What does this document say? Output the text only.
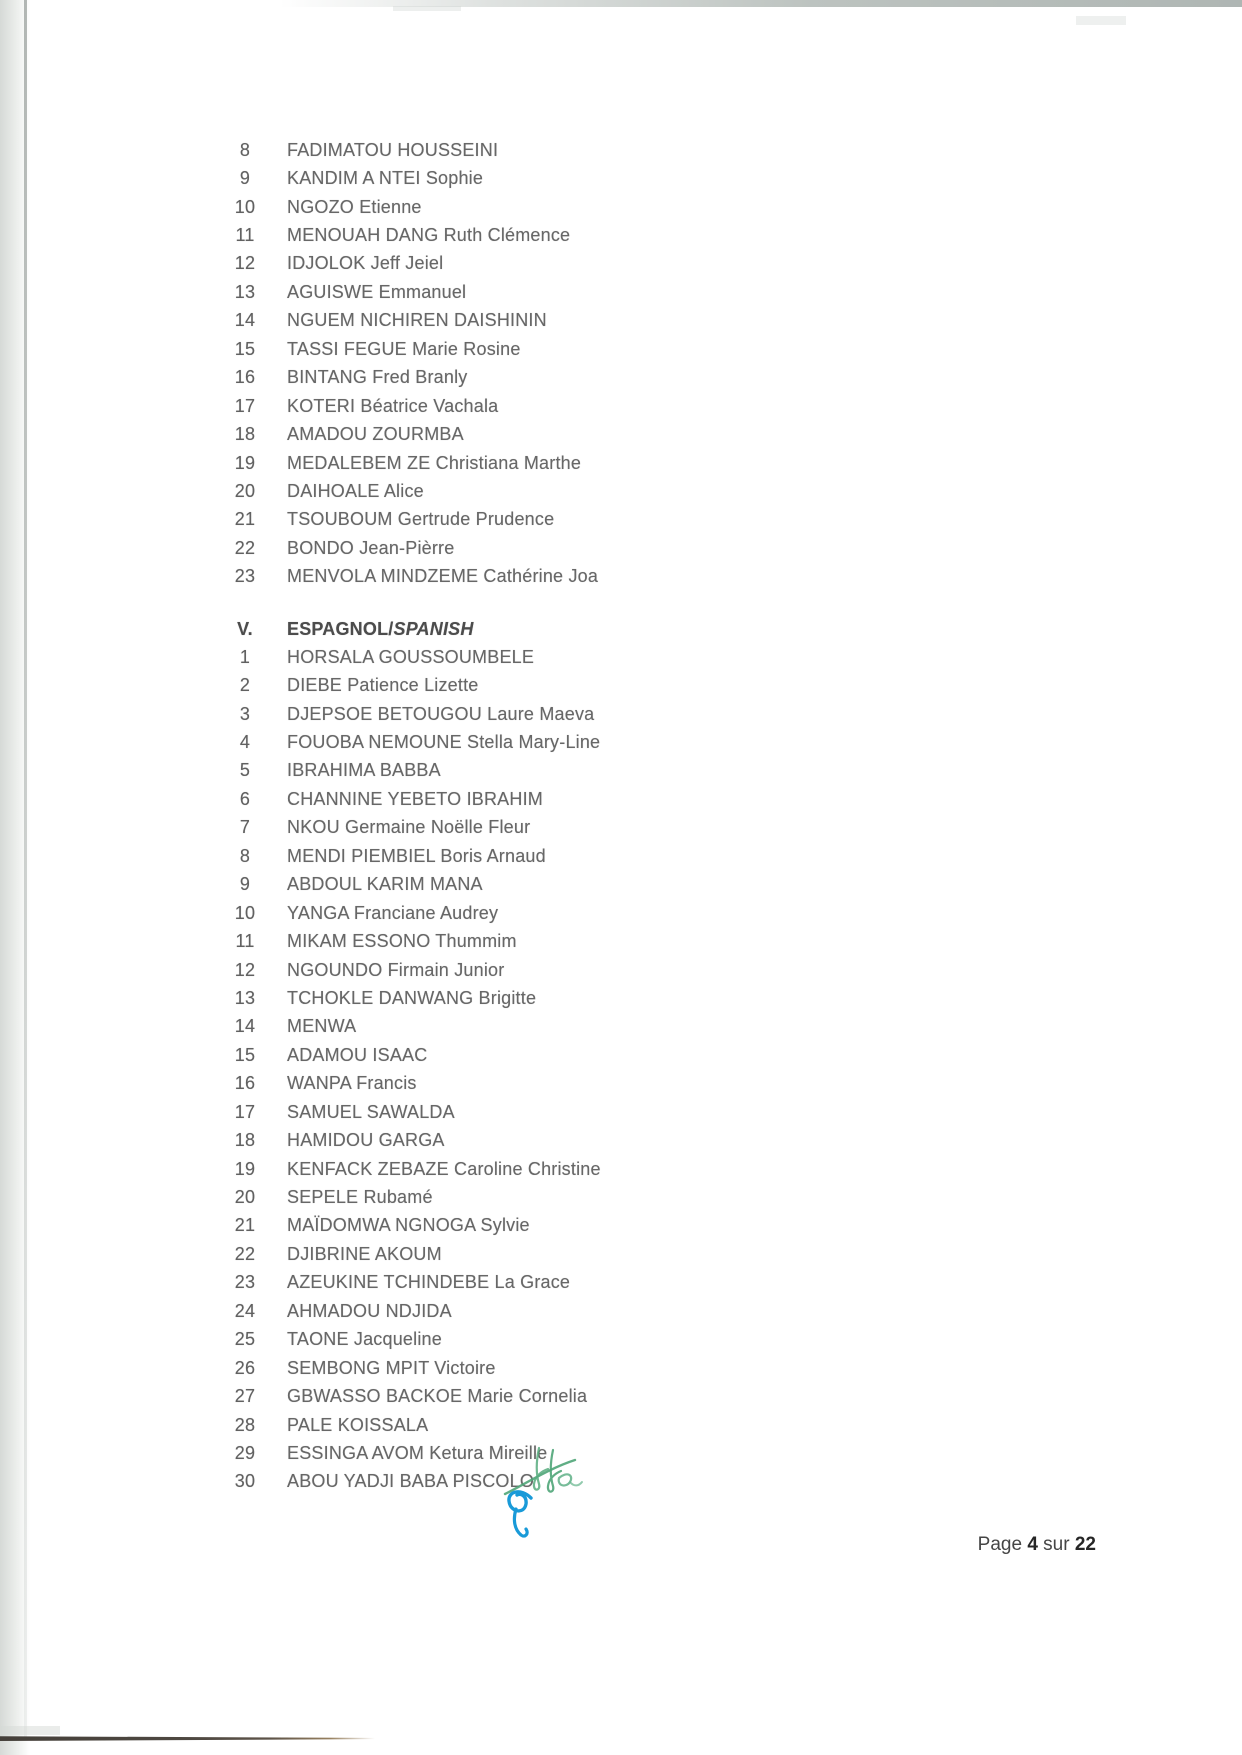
8	FADIMATOU HOUSSEINI
9	KANDIM A NTEI Sophie
10 NGOZO Etienne
11	MENOUAH DANG Ruth Clémence
12 IDJOLOK Jeff Jeiel
13 AGUISWE Emmanuel
14 NGUEM NICHIREN DAISHININ
15 TASSI FEGUE Marie Rosine
16 BINTANG Fred Branly
17 KOTERI Béatrice Vachala
18 AMADOU ZOURMBA
19 MEDALEBEM ZE Christiana Marthe
20 DAIHOALE Alice
21 TSOUBOUM Gertrude Prudence
22 BONDO Jean-Pièrre
23 MENVOLA MINDZEME Cathérine Joa
V.	ESPAGNOL/SPANISH
1	HORSALA GOUSSOUMBELE
2	DIEBE Patience Lizette
3	DJEPSOE BETOUGOU Laure Maeva
4	FOUOBA NEMOUNE Stella Mary-Line
5	IBRAHIMA BABBA
6	CHANNINE YEBETO IBRAHIM
7	NKOU Germaine Noëlle Fleur
8	MENDI PIEMBIEL Boris Arnaud
9	ABDOUL KARIM MANA
10 YANGA Franciane Audrey
11	MIKAM ESSONO Thummim
12 NGOUNDO Firmain Junior
13 TCHOKLE DANWANG Brigitte
14 MENWA
15 ADAMOU ISAAC
16 WANPA Francis
17 SAMUEL SAWALDA
18 HAMIDOU GARGA
19 KENFACK ZEBAZE Caroline Christine
20 SEPELE Rubamé
21 MAÏDOMWA NGNOGA Sylvie
22 DJIBRINE AKOUM
23 AZEUKINE TCHINDEBE La Grace
24 AHMADOU NDJIDA
25 TAONE Jacqueline
26 SEMBONG MPIT Victoire
27 GBWASSO BACKOE Marie Cornelia
28 PALE KOISSALA
29 ESSINGA AVOM Ketura Mireille
30 ABOU YADJI BABA PISCOLO
Page 4 sur 22
